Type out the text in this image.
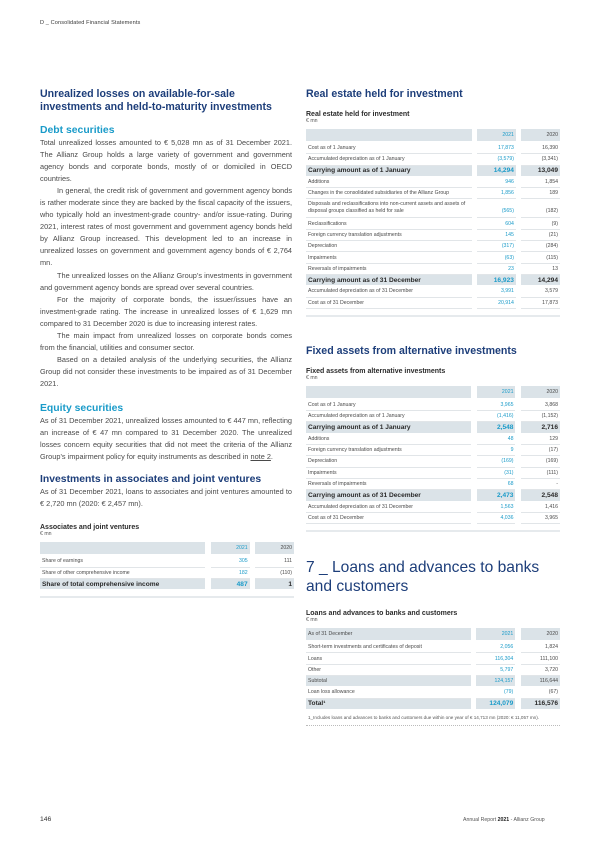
D _ Consolidated Financial Statements
Unrealized losses on available-for-sale investments and held-to-maturity investments
Debt securities

Total unrealized losses amounted to € 5,028 mn as of 31 December 2021. The Allianz Group holds a large variety of government and government agency bonds and corporate bonds, mostly of or domiciled in OECD countries.

In general, the credit risk of government and government agency bonds is rather moderate since they are backed by the fiscal capacity of the issuers, who typically hold an investment-grade country- and/or issue-rating. During 2021, interest rates of most government and government agency bonds held by Allianz Group increased. This development led to an increase in unrealized losses on government and government agency bonds of € 2,764 mn.

The unrealized losses on the Allianz Group’s investments in government and government agency bonds are spread over several countries.

For the majority of corporate bonds, the issuer/issues have an investment-grade rating. The increase in unrealized losses of € 1,629 mn compared to 31 December 2020 is due to increasing interest rates.

The main impact from unrealized losses on corporate bonds comes from the financial, utilities and consumer sector.

Based on a detailed analysis of the underlying securities, the Allianz Group did not consider these investments to be impaired as of 31 December 2021.

Equity securities

As of 31 December 2021, unrealized losses amounted to € 447 mn, reflecting an increase of € 47 mn compared to 31 December 2020. The unrealized losses concern equity securities that did not meet the criteria of the Allianz Group’s impairment policy for equity instruments as described in note 2.

Investments in associates and joint ventures

As of 31 December 2021, loans to associates and joint ventures amounted to € 2,720 mn (2020: € 2,457 mn).

Associates and joint ventures
€ mn
		2021		2020
Share of earnings		305		111
Share of other comprehensive income		182		(110)
Share of total comprehensive income		487		1
Real estate held for investment
Real estate held for investment
€ mn
		2021		2020
Cost as of 1 January		17,873		16,390
Accumulated depreciation as of 1 January		(3,579)		(3,341)
Carrying amount as of 1 January		14,294		13,049
Additions		946		1,854
Changes in the consolidated subsidiaries of the Allianz Group		1,856		189
Disposals and reclassifications into non-current assets and assets of disposal groups classified as held for sale		(565)		(182)
Reclassifications		604		(9)
Foreign currency translation adjustments		145		(21)
Depreciation		(317)		(284)
Impairments		(63)		(115)
Reversals of impairments		23		13
Carrying amount as of 31 December		16,923		14,294
Accumulated depreciation as of 31 December		3,991		3,579
Cost as of 31 December		20,914		17,873
Fixed assets from alternative investments
Fixed assets from alternative investments
€ mn
		2021		2020
Cost as of 1 January		3,965		3,868
Accumulated depreciation as of 1 January		(1,416)		(1,152)
Carrying amount as of 1 January		2,548		2,716
Additions		48		129
Foreign currency translation adjustments		9		(17)
Depreciation		(169)		(169)
Impairments		(31)		(111)
Reversals of impairments		68		-
Carrying amount as of 31 December		2,473		2,548
Accumulated depreciation as of 31 December		1,563		1,416
Cost as of 31 December		4,036		3,965
7 _ Loans and advances to banks and customers
Loans and advances to banks and customers
€ mn
As of 31 December		2021		2020
Short-term investments and certificates of deposit		2,056		1,824
Loans		116,304		111,100
Other		5,797		3,720
Subtotal		124,157		116,644
Loan loss allowance		(79)		(67)
Total¹		124,079		116,576
1_Includes loans and advances to banks and customers due within one year of € 14,713 mn (2020: € 11,057 mn).
146	Annual Report 2021 - Allianz Group
